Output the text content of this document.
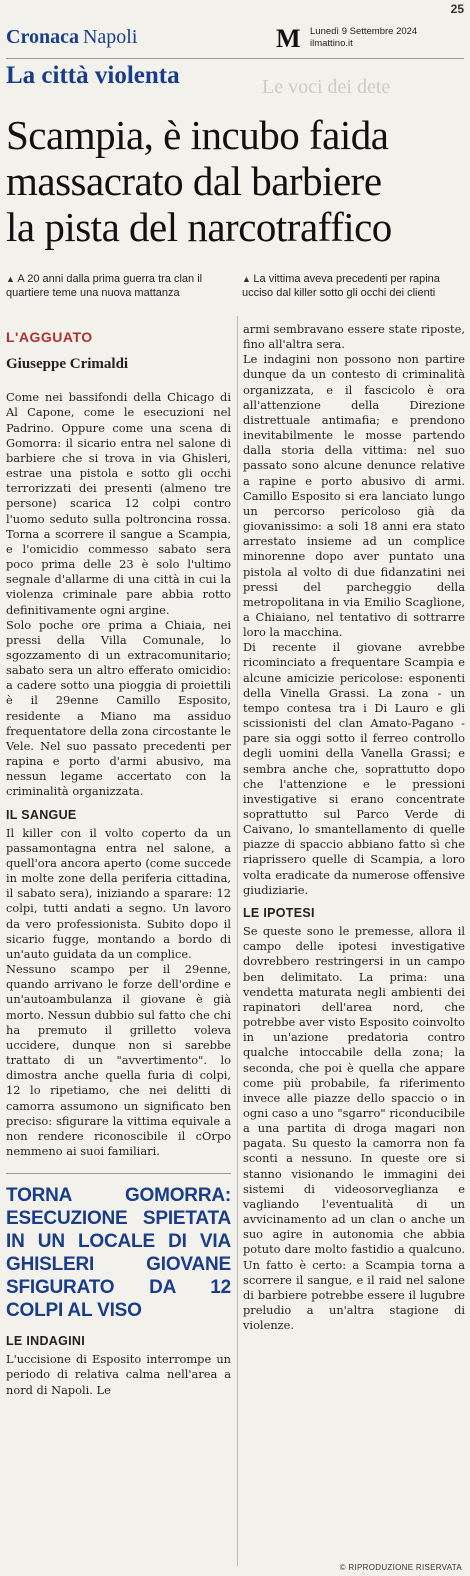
25
Cronaca Napoli	M Lunedì 9 Settembre 2024
ilmattino.it
La città violenta	Le voci dei dete
Scampia, è incubo faida
massacrato dal barbiere
la pista del narcotraffico
▲ A 20 anni dalla prima guerra tra clan il quartiere teme una nuova mattanza
▲ La vittima aveva precedenti per rapina ucciso dal killer sotto gli occhi dei clienti
L'AGGUATO
Giuseppe Crimaldi

Come nei bassifondi della Chicago di Al Capone, come le esecuzioni nel Padrino. Oppure come una scena di Gomorra: il sicario entra nel salone di barbiere che si trova in via Ghisleri, estrae una pistola e sotto gli occhi terrorizzati dei presenti (almeno tre persone) scarica 12 colpi contro l'uomo seduto sulla poltroncina rossa. Torna a scorrere il sangue a Scampia, e l'omicidio commesso sabato sera poco prima delle 23 è solo l'ultimo segnale d'allarme di una città in cui la violenza criminale pare abbia rotto definitivamente ogni argine.

Solo poche ore prima a Chiaia, nei pressi della Villa Comunale, lo sgozzamento di un extracomunitario; sabato sera un altro efferato omicidio: a cadere sotto una pioggia di proiettili è il 29enne Camillo Esposito, residente a Miano ma assiduo frequentatore della zona circostante le Vele. Nel suo passato precedenti per rapina e porto d'armi abusivo, ma nessun legame accertato con la criminalità organizzata.

IL SANGUE

Il killer con il volto coperto da un passamontagna entra nel salone, a quell'ora ancora aperto (come succede in molte zone della periferia cittadina, il sabato sera), iniziando a sparare: 12 colpi, tutti andati a segno. Un lavoro da vero professionista. Subito dopo il sicario fugge, montando a bordo di un'auto guidata da un complice.

Nessuno scampo per il 29enne, quando arrivano le forze dell'ordine e un'autoambulanza il giovane è già morto. Nessun dubbio sul fatto che chi ha premuto il grilletto voleva uccidere, dunque non si sarebbe trattato di un "avvertimento". lo dimostra anche quella furia di colpi, 12 lo ripetiamo, che nei delitti di camorra assumono un significato ben preciso: sfigurare la vittima equivale a non rendere riconoscibile il cOrpo nemmeno ai suoi familiari.

TORNA GOMORRA: ESECUZIONE SPIETATA IN UN LOCALE DI VIA GHISLERI GIOVANE SFIGURATO DA 12 COLPI AL VISO
LE INDAGINI

L'uccisione di Esposito interrompe un periodo di relativa calma nell'area a nord di Napoli. Le

armi sembravano essere state riposte, fino all'altra sera.

Le indagini non possono non partire dunque da un contesto di criminalità organizzata, e il fascicolo è ora all'attenzione della Direzione distrettuale antimafia; e prendono inevitabilmente le mosse partendo dalla storia della vittima: nel suo passato sono alcune denunce relative a rapine e porto abusivo di armi. Camillo Esposito si era lanciato lungo un percorso pericoloso già da giovanissimo: a soli 18 anni era stato arrestato insieme ad un complice minorenne dopo aver puntato una pistola al volto di due fidanzatini nei pressi del parcheggio della metropolitana in via Emilio Scaglione, a Chiaiano, nel tentativo di sottrarre loro la macchina.

Di recente il giovane avrebbe ricominciato a frequentare Scampia e alcune amicizie pericolose: esponenti della Vinella Grassi. La zona - un tempo contesa tra i Di Lauro e gli scissionisti del clan Amato-Pagano - pare sia oggi sotto il ferreo controllo degli uomini della Vanella Grassi; e sembra anche che, soprattutto dopo che l'attenzione e le pressioni investigative si erano concentrate soprattutto sul Parco Verde di Caivano, lo smantellamento di quelle piazze di spaccio abbiano fatto sì che riaprissero quelle di Scampia, a loro volta eradicate da numerose offensive giudiziarie.

LE IPOTESI

Se queste sono le premesse, allora il campo delle ipotesi investigative dovrebbero restringersi in un campo ben delimitato. La prima: una vendetta maturata negli ambienti dei rapinatori dell'area nord, che potrebbe aver visto Esposito coinvolto in un'azione predatoria contro qualche intoccabile della zona; la seconda, che poi è quella che appare come più probabile, fa riferimento invece alle piazze dello spaccio o in ogni caso a uno "sgarro" riconducibile a una partita di droga magari non pagata. Su questo la camorra non fa sconti a nessuno. In queste ore si stanno visionando le immagini dei sistemi di videosorveglianza e vagliando l'eventualità di un avvicinamento ad un clan o anche un suo agire in autonomia che abbia potuto dare molto fastidio a qualcuno. Un fatto è certo: a Scampia torna a scorrere il sangue, e il raid nel salone di barbiere potrebbe essere il lugubre preludio a un'altra stagione di violenze.

© RIPRODUZIONE RISERVATA
